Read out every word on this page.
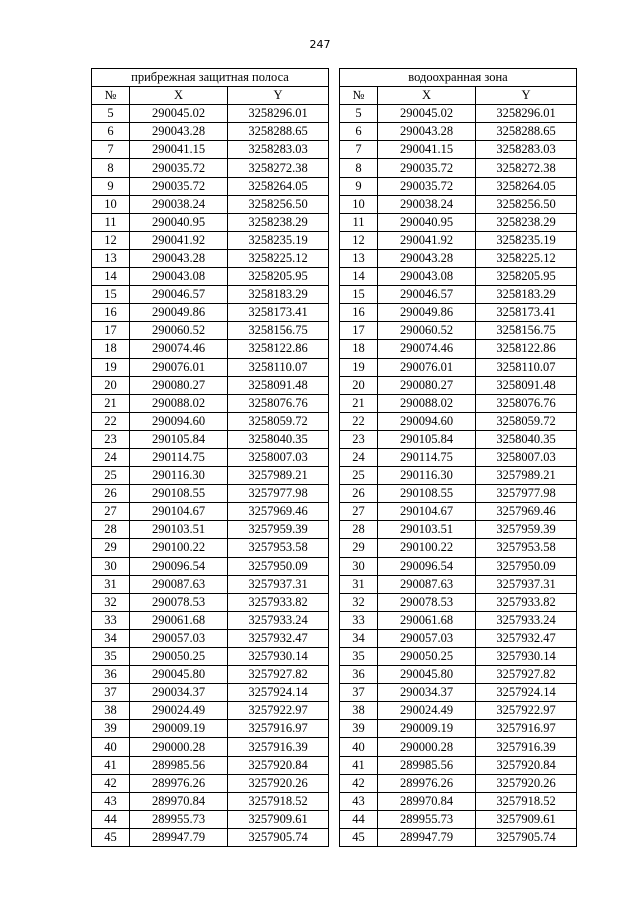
247
прибрежная защитная полоса		
№	X	Y
5	290045.02	3258296.01
6	290043.28	3258288.65
7	290041.15	3258283.03
8	290035.72	3258272.38
9	290035.72	3258264.05
10	290038.24	3258256.50
11	290040.95	3258238.29
12	290041.92	3258235.19
13	290043.28	3258225.12
14	290043.08	3258205.95
15	290046.57	3258183.29
16	290049.86	3258173.41
17	290060.52	3258156.75
18	290074.46	3258122.86
19	290076.01	3258110.07
20	290080.27	3258091.48
21	290088.02	3258076.76
22	290094.60	3258059.72
23	290105.84	3258040.35
24	290114.75	3258007.03
25	290116.30	3257989.21
26	290108.55	3257977.98
27	290104.67	3257969.46
28	290103.51	3257959.39
29	290100.22	3257953.58
30	290096.54	3257950.09
31	290087.63	3257937.31
32	290078.53	3257933.82
33	290061.68	3257933.24
34	290057.03	3257932.47
35	290050.25	3257930.14
36	290045.80	3257927.82
37	290034.37	3257924.14
38	290024.49	3257922.97
39	290009.19	3257916.97
40	290000.28	3257916.39
41	289985.56	3257920.84
42	289976.26	3257920.26
43	289970.84	3257918.52
44	289955.73	3257909.61
45	289947.79	3257905.74
водоохранная зона		
№	X	Y
5	290045.02	3258296.01
6	290043.28	3258288.65
7	290041.15	3258283.03
8	290035.72	3258272.38
9	290035.72	3258264.05
10	290038.24	3258256.50
11	290040.95	3258238.29
12	290041.92	3258235.19
13	290043.28	3258225.12
14	290043.08	3258205.95
15	290046.57	3258183.29
16	290049.86	3258173.41
17	290060.52	3258156.75
18	290074.46	3258122.86
19	290076.01	3258110.07
20	290080.27	3258091.48
21	290088.02	3258076.76
22	290094.60	3258059.72
23	290105.84	3258040.35
24	290114.75	3258007.03
25	290116.30	3257989.21
26	290108.55	3257977.98
27	290104.67	3257969.46
28	290103.51	3257959.39
29	290100.22	3257953.58
30	290096.54	3257950.09
31	290087.63	3257937.31
32	290078.53	3257933.82
33	290061.68	3257933.24
34	290057.03	3257932.47
35	290050.25	3257930.14
36	290045.80	3257927.82
37	290034.37	3257924.14
38	290024.49	3257922.97
39	290009.19	3257916.97
40	290000.28	3257916.39
41	289985.56	3257920.84
42	289976.26	3257920.26
43	289970.84	3257918.52
44	289955.73	3257909.61
45	289947.79	3257905.74
